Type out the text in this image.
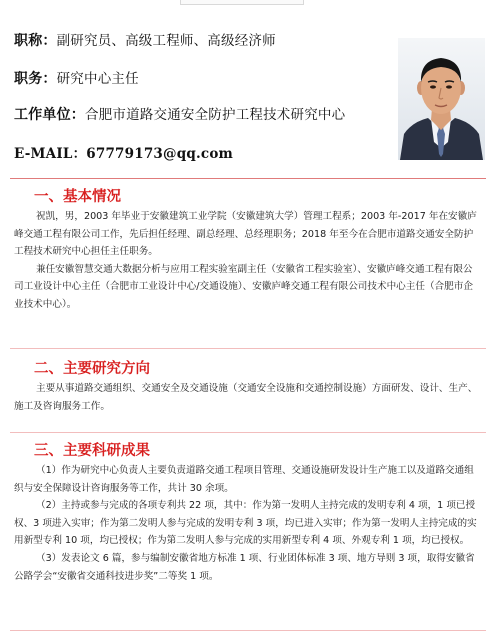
职称：副研究员、高级工程师、高级经济师
职务：研究中心主任
工作单位：合肥市道路交通安全防护工程技术研究中心
E-MAIL：67779173@qq.com
一、基本情况
祝凯，男，2003 年毕业于安徽建筑工业学院（安徽建筑大学）管理工程系；2003 年-2017 年在安徽庐峰交通工程有限公司工作，先后担任经理、副总经理、总经理职务；2018 年至今在合肥市道路交通安全防护工程技术研究中心担任主任职务。
兼任安徽智慧交通大数据分析与应用工程实验室副主任（安徽省工程实验室）、安徽庐峰交通工程有限公司工业设计中心主任（合肥市工业设计中心/交通设施）、安徽庐峰交通工程有限公司技术中心主任（合肥市企业技术中心）。
二、主要研究方向
主要从事道路交通组织、交通安全及交通设施（交通安全设施和交通控制设施）方面研发、设计、生产、施工及咨询服务工作。
三、主要科研成果
（1）作为研究中心负责人主要负责道路交通工程项目管理、交通设施研发设计生产施工以及道路交通组织与安全保障设计咨询服务等工作，共计 30 余项。
（2）主持或参与完成的各项专利共 22 项，其中：作为第一发明人主持完成的发明专利 4 项，1 项已授权、3 项进入实审；作为第二发明人参与完成的发明专利 3 项，均已进入实审；作为第一发明人主持完成的实用新型专利 10 项，均已授权；作为第二发明人参与完成的实用新型专利 4 项、外观专利 1 项，均已授权。
（3）发表论文 6 篇，参与编制安徽省地方标准 1 项、行业团体标准 3 项、地方导则 3 项，取得安徽省公路学会“安徽省交通科技进步奖”二等奖 1 项。
